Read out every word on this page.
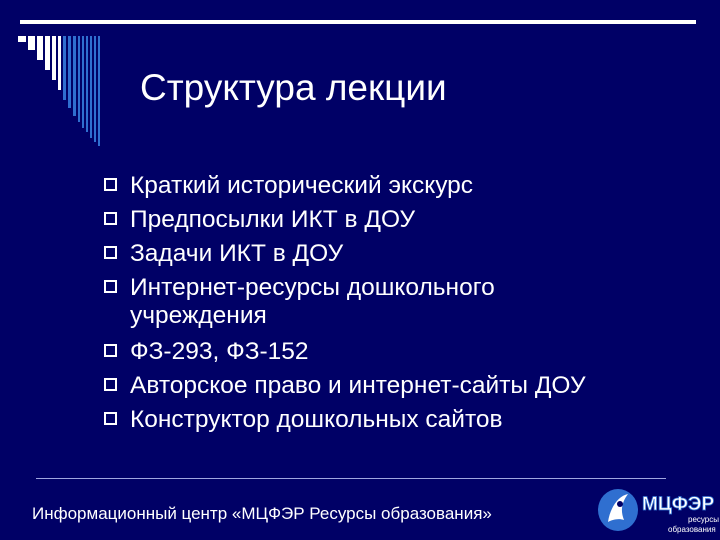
Структура лекции
Краткий исторический экскурс
Предпосылки ИКТ в ДОУ
Задачи ИКТ в ДОУ
Интернет-ресурсы дошкольного учреждения
ФЗ-293, ФЗ-152
Авторское право и интернет-сайты ДОУ
Конструктор дошкольных сайтов
Информационный центр «МЦФЭР Ресурсы образования»	МЦФЭР
ресурсы
образования
